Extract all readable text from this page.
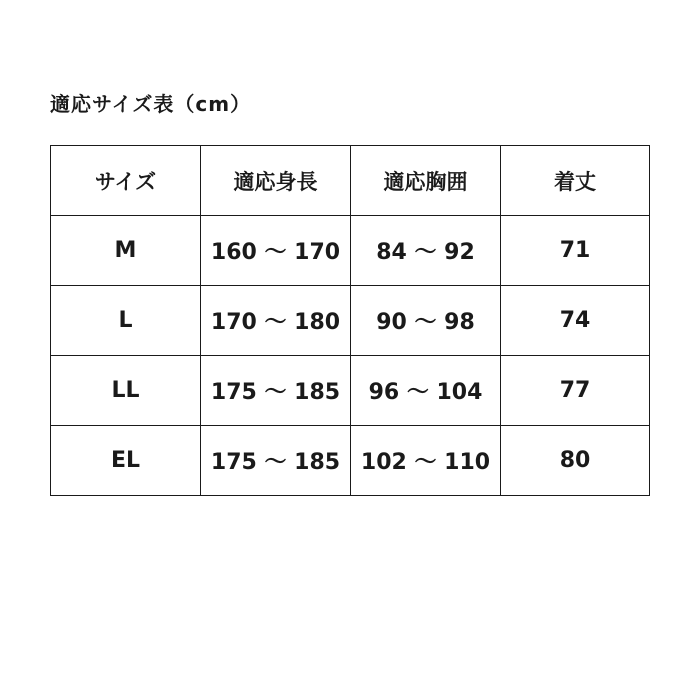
適応サイズ表（cm）
サイズ	適応身長	適応胸囲	着丈
M	160 ～ 170	84 ～ 92	71
L	170 ～ 180	90 ～ 98	74
LL	175 ～ 185	96 ～ 104	77
EL	175 ～ 185	102 ～ 110	80
